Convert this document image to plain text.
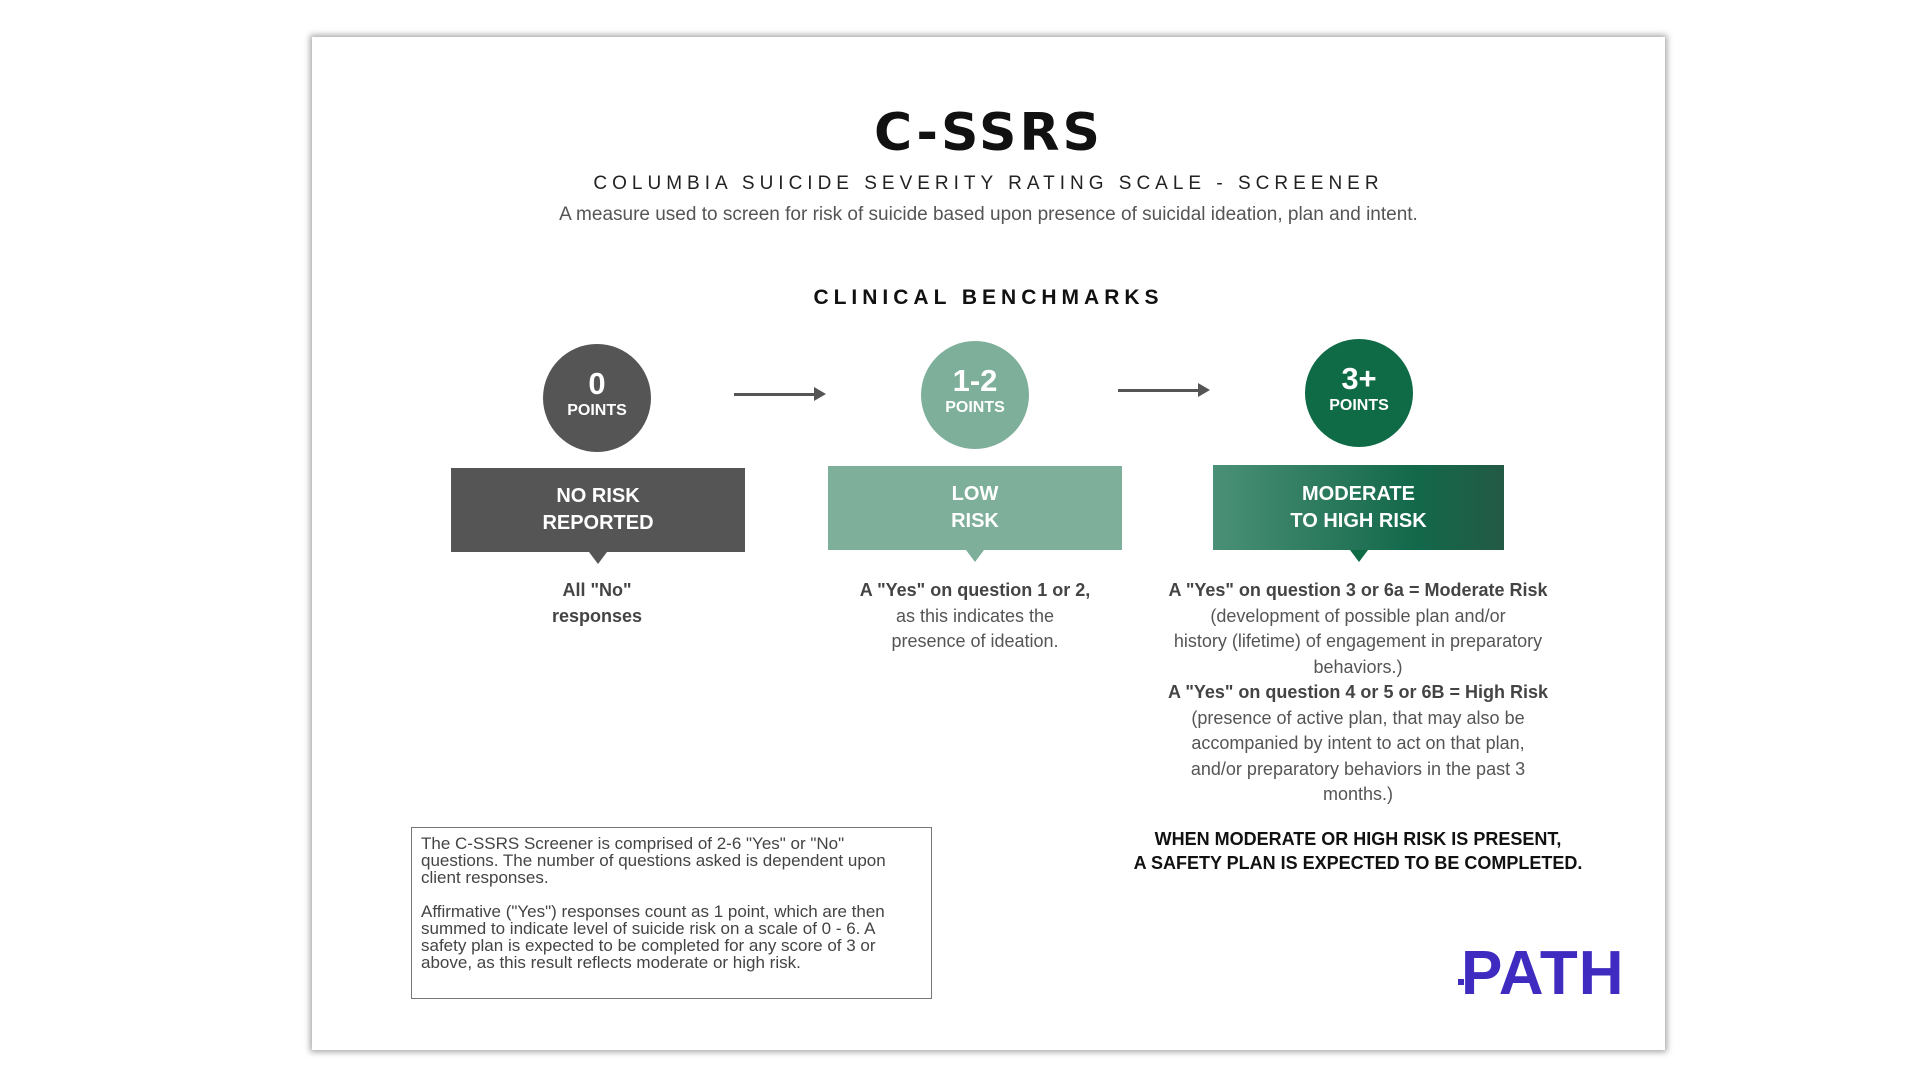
C-SSRS
COLUMBIA SUICIDE SEVERITY RATING SCALE - SCREENER
A measure used to screen for risk of suicide based upon presence of suicidal ideation, plan and intent.
CLINICAL BENCHMARKS
0
POINTS
1-2
POINTS
3+
POINTS
NO RISK
REPORTED
LOW
RISK
MODERATE
TO HIGH RISK
All "No"
responses
A "Yes" on question 1 or 2,
as this indicates the
presence of ideation.
A "Yes" on question 3 or 6a = Moderate Risk
(development of possible plan and/or
history (lifetime) of engagement in preparatory
behaviors.)
A "Yes" on question 4 or 5 or 6B = High Risk
(presence of active plan, that may also be
accompanied by intent to act on that plan,
and/or preparatory behaviors in the past 3
months.)
WHEN MODERATE OR HIGH RISK IS PRESENT,
A SAFETY PLAN IS EXPECTED TO BE COMPLETED.

The C-SSRS Screener is comprised of 2-6 "Yes" or "No" questions. The number of questions asked is dependent upon client responses.

Affirmative ("Yes") responses count as 1 point, which are then summed to indicate level of suicide risk on a scale of 0 - 6. A safety plan is expected to be completed for any score of 3 or above, as this result reflects moderate or high risk.	PATH
